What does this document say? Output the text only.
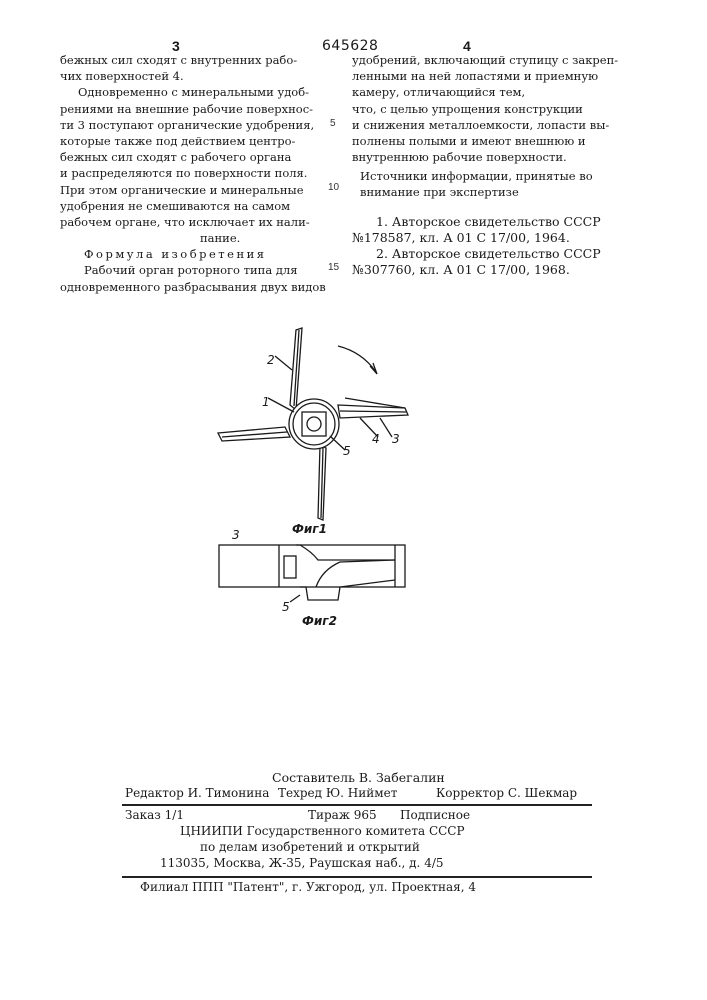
3	645628	4
бежных сил сходят с внутренних рабо-
чих поверхностей 4.
Одновременно с минеральными удоб-
рениями на внешние рабочие поверхнос-
ти 3 поступают органические удобрения,
которые также под действием центро-
бежных сил сходят с рабочего органа
и распределяются по поверхности поля.
При этом органические и минеральные
удобрения не смешиваются на самом
рабочем органе, что исключает их нали-
пание.
Формула изобретения
Рабочий орган роторного типа для
одновременного разбрасывания двух видов
5
10
15
удобрений, включающий ступицу с закреп-
ленными на ней лопастями и приемную
камеру, отличающийся тем,
что, с целью упрощения конструкции
и снижения металлоемкости, лопасти вы-
полнены полыми и имеют внешнюю и
внутреннюю рабочие поверхности.
Источники информации, принятые во
внимание при экспертизе
1. Авторское свидетельство СССР
№178587, кл. А 01 С 17/00, 1964.
2. Авторское свидетельство СССР
№307760, кл. А 01 С 17/00, 1968.
2
1
4 3
5
Фиг1
3
5
Фиг2
Составитель В. Забегалин
Редактор И. Тимонина Техред Ю. Ниймет	Корректор С. Шекмар
Заказ 1/1	Тираж 965 Подписное
ЦНИИПИ Государственного комитета СССР
по делам изобретений и открытий
113035, Москва, Ж-35, Раушская наб., д. 4/5
Филиал ППП "Патент", г. Ужгород, ул. Проектная, 4
